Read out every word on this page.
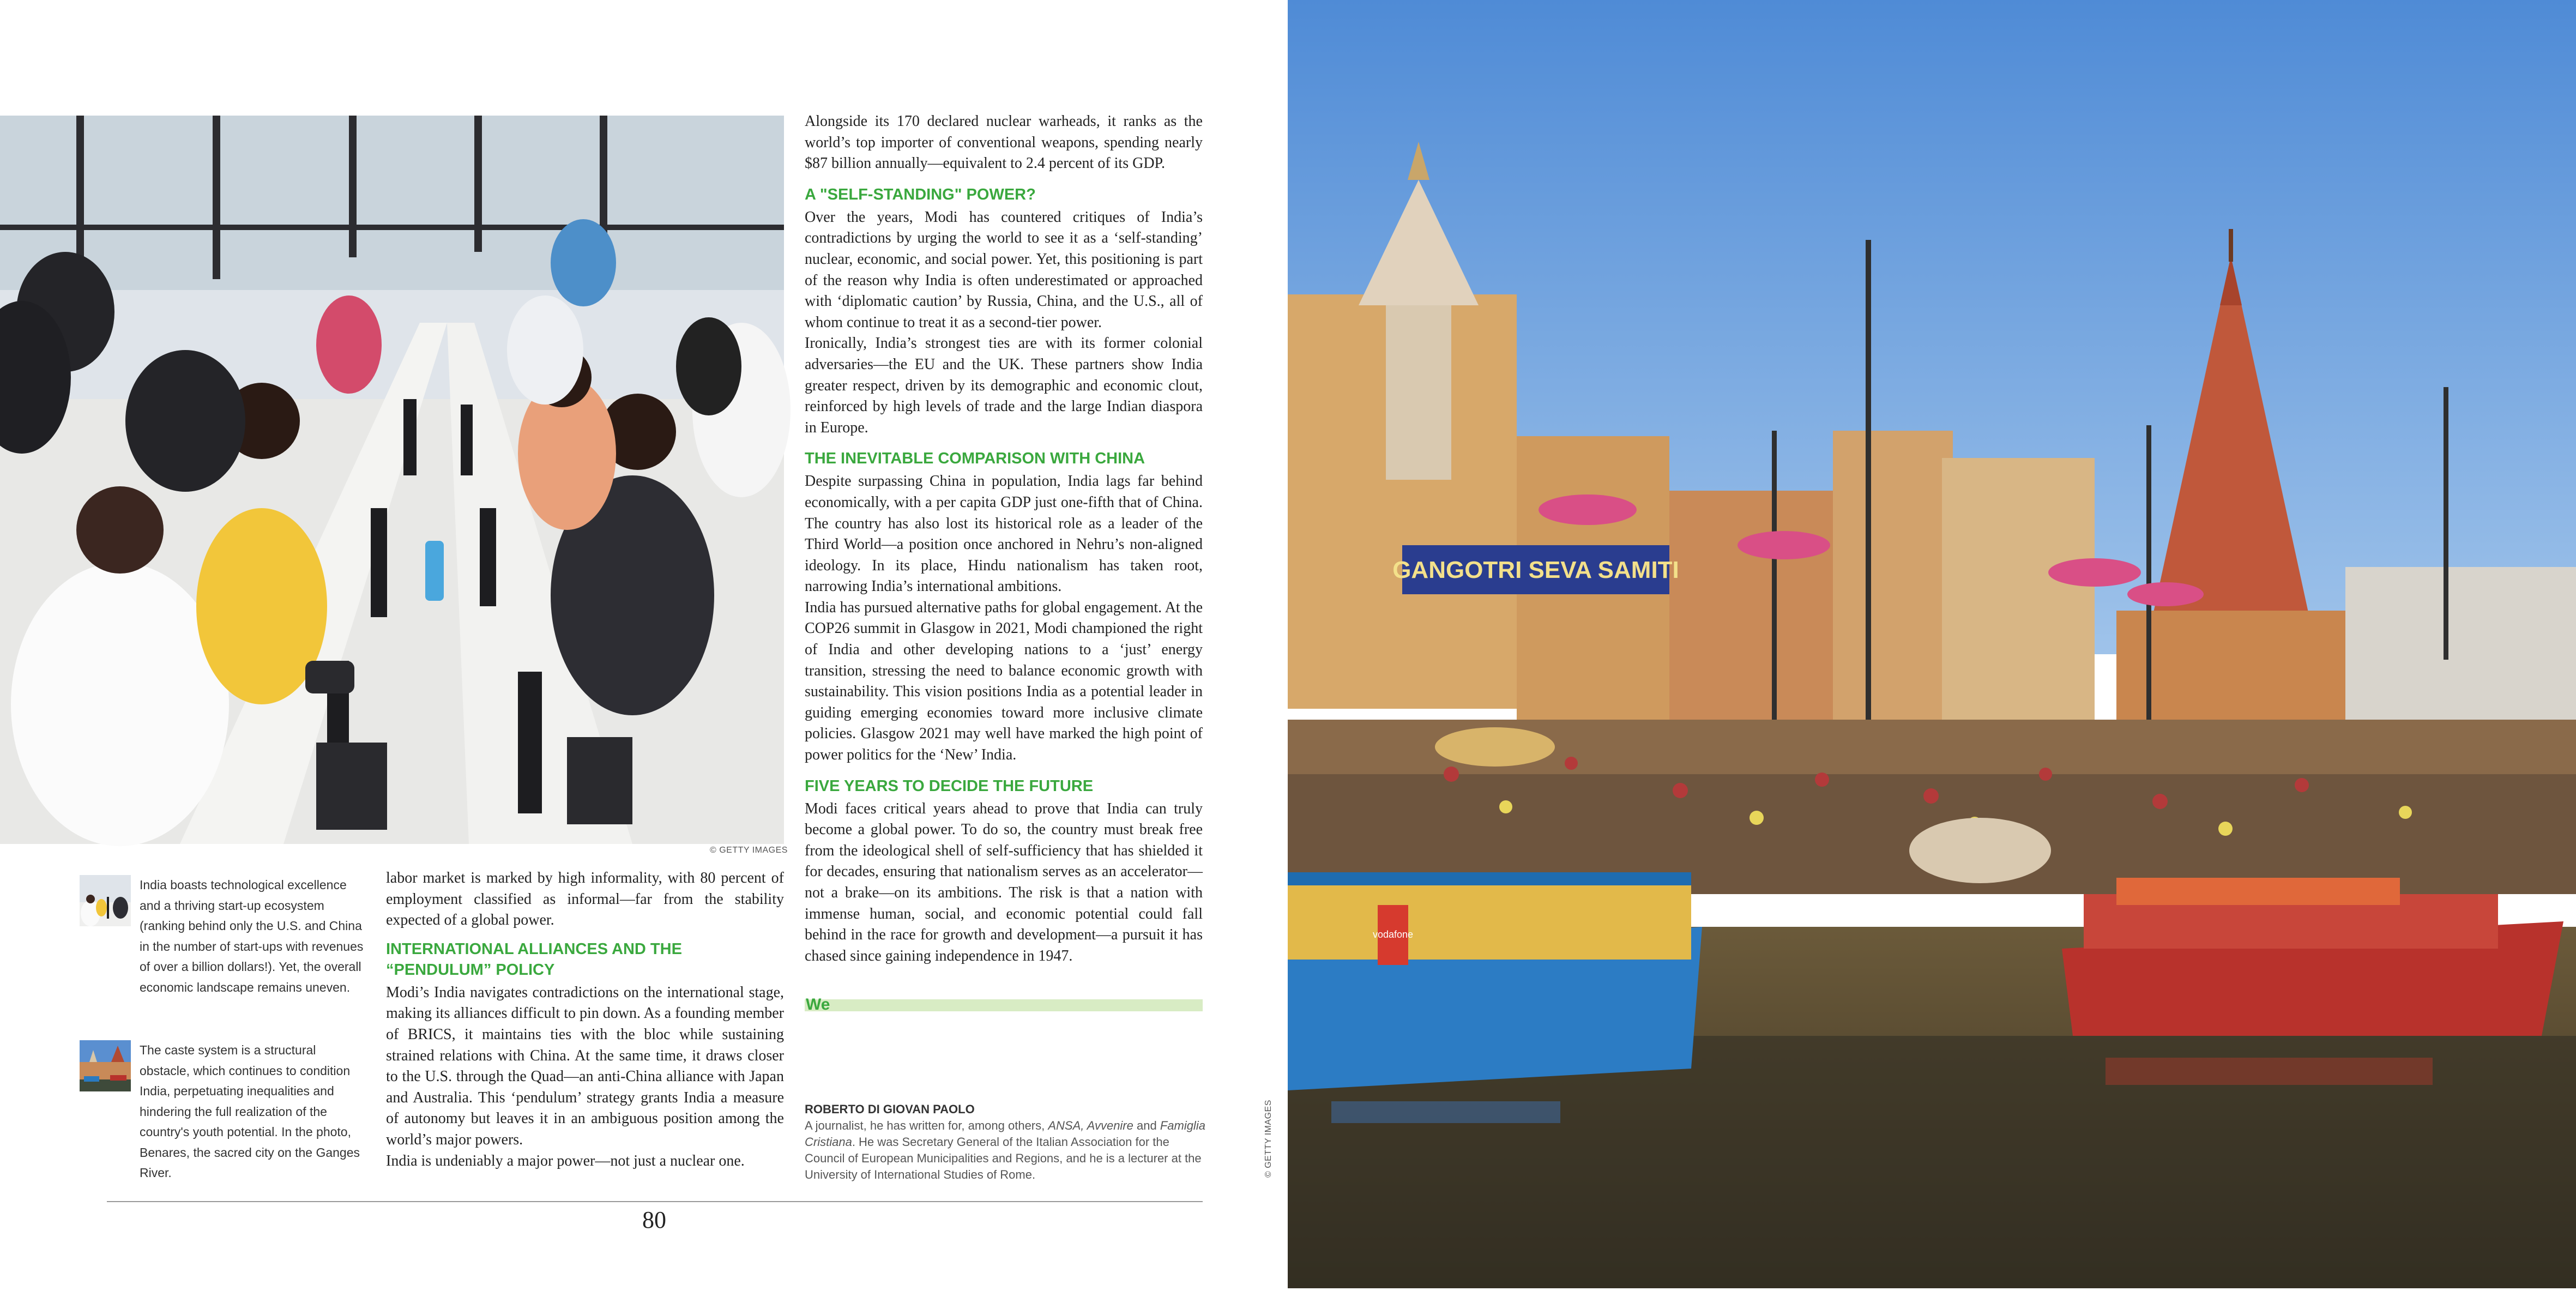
© GETTY IMAGES
India boasts technological excellence and a thriving start-up ecosystem (ranking behind only the U.S. and China in the number of start-ups with revenues of over a billion dollars!). Yet, the overall economic landscape remains uneven.
The caste system is a structural obstacle, which continues to condition India, perpetuating inequalities and hindering the full realization of the country's youth potential. In the photo, Benares, the sacred city on the Ganges River.

labor market is marked by high informality, with 80 percent of employment classified as informal—far from the stability expected of a global power.

INTERNATIONAL ALLIANCES AND THE “PENDULUM” POLICY

Modi’s India navigates contradictions on the international stage, making its alliances difficult to pin down. As a founding member of BRICS, it maintains ties with the bloc while sustaining strained relations with China. At the same time, it draws closer to the U.S. through the Quad—an anti-China alliance with Japan and Australia. This ‘pendulum’ strategy grants India a measure of autonomy but leaves it in an ambiguous position among the world’s major powers.

India is undeniably a major power—not just a nuclear one.

Alongside its 170 declared nuclear warheads, it ranks as the world’s top importer of conventional weapons, spending nearly $87 billion annually—equivalent to 2.4 percent of its GDP.

A "SELF-STANDING" POWER?

Over the years, Modi has countered critiques of India’s contradictions by urging the world to see it as a ‘self-standing’ nuclear, economic, and social power. Yet, this positioning is part of the reason why India is often underestimated or approached with ‘diplomatic caution’ by Russia, China, and the U.S., all of whom continue to treat it as a second-tier power.

Ironically, India’s strongest ties are with its former colonial adversaries—the EU and the UK. These partners show India greater respect, driven by its demographic and economic clout, reinforced by high levels of trade and the large Indian diaspora in Europe.

THE INEVITABLE COMPARISON WITH CHINA

Despite surpassing China in population, India lags far behind economically, with a per capita GDP just one-fifth that of China. The country has also lost its historical role as a leader of the Third World—a position once anchored in Nehru’s non-aligned ideology. In its place, Hindu nationalism has taken root, narrowing India’s international ambitions.

India has pursued alternative paths for global engagement. At the COP26 summit in Glasgow in 2021, Modi championed the right of India and other developing nations to a ‘just’ energy transition, stressing the need to balance economic growth with sustainability. This vision positions India as a potential leader in guiding emerging economies toward more inclusive climate policies. Glasgow 2021 may well have marked the high point of power politics for the ‘New’ India.

FIVE YEARS TO DECIDE THE FUTURE

Modi faces critical years ahead to prove that India can truly become a global power. To do so, the country must break free from the ideological shell of self-sufficiency that has shielded it for decades, ensuring that nationalism serves as an accelerator—not a brake—on its ambitions. The risk is that a nation with immense human, social, and economic potential could fall behind in the race for growth and development—a pursuit it has chased since gaining independence in 1947.

We
ROBERTO DI GIOVAN PAOLO
A journalist, he has written for, among others, ANSA, Avvenire and Famiglia Cristiana. He was Secretary General of the Italian Association for the Council of European Municipalities and Regions, and he is a lecturer at the University of International Studies of Rome.
80
GANGOTRI SEVA SAMITI
vodafone
© GETTY IMAGES
